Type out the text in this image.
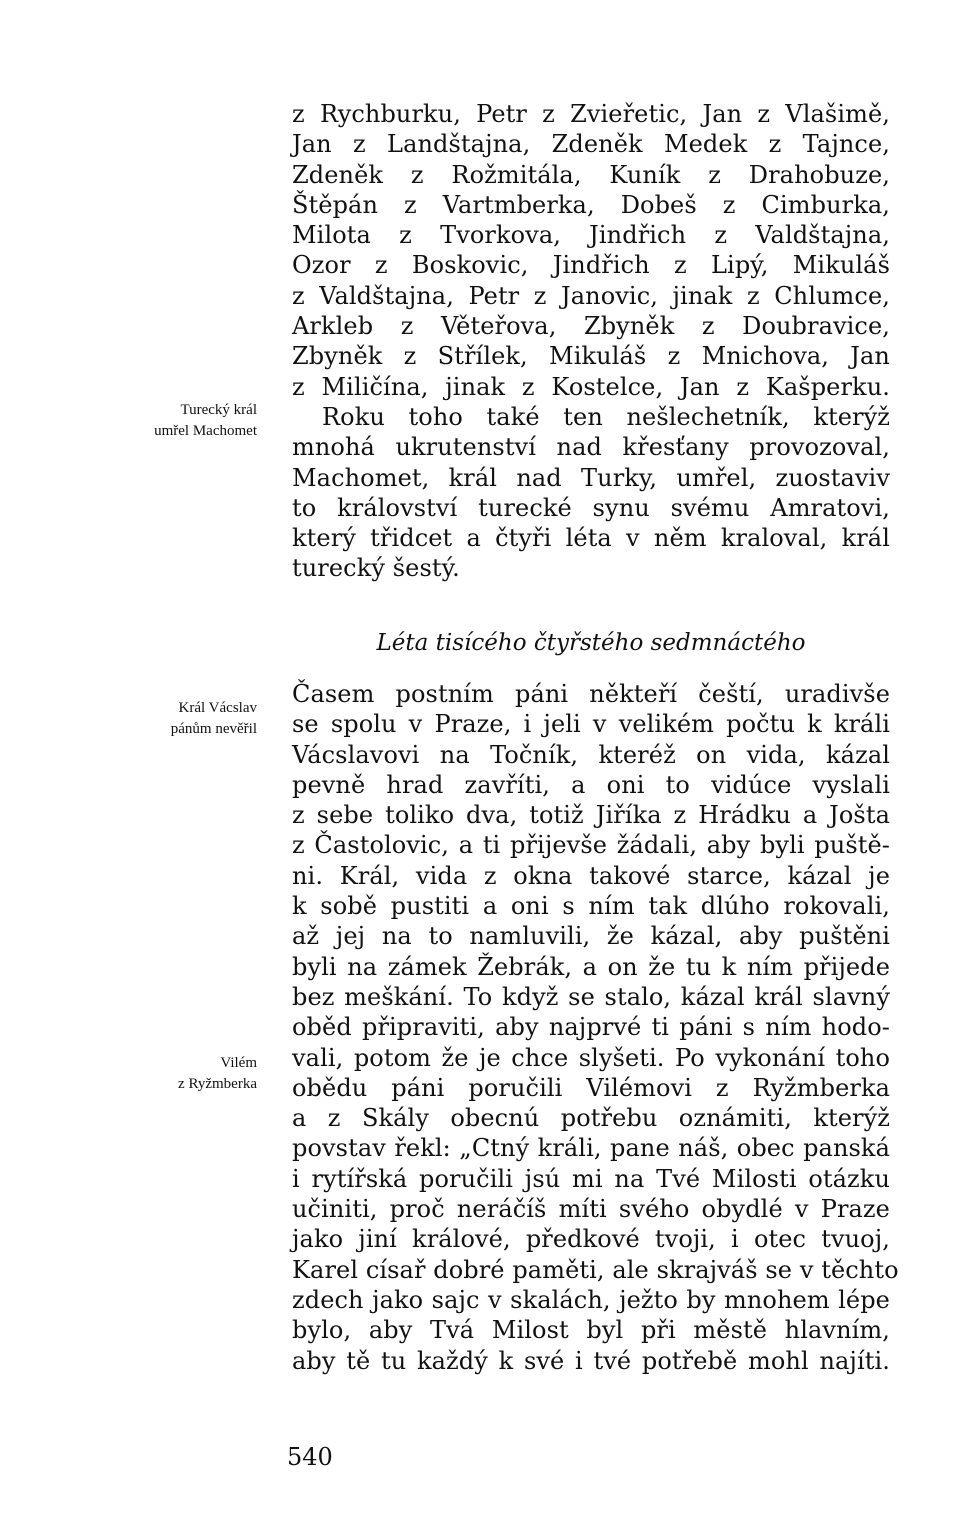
Turecký král
umřel Machomet
Král Vácslav
pánům nevěřil
Vilém
z Ryžmberka
z Rychburku, Petr z Zvieřetic, Jan z Vlašimě,
Jan z Landštajna, Zdeněk Medek z Tajnce,
Zdeněk z Rožmitála, Kuník z Drahobuze,
Štěpán z Vartmberka, Dobeš z Cimburka,
Milota z Tvorkova, Jindřich z Valdštajna,
Ozor z Boskovic, Jindřich z Lipý, Mikuláš
z Valdštajna, Petr z Janovic, jinak z Chlumce,
Arkleb z Věteřova, Zbyněk z Doubravice,
Zbyněk z Střílek, Mikuláš z Mnichova, Jan
z Miličína, jinak z Kostelce, Jan z Kašperku.
Roku toho také ten nešlechetník, kterýž
mnohá ukrutenství nad křesťany provozoval,
Machomet, král nad Turky, umřel, zuostaviv
to království turecké synu svému Amratovi,
který třidcet a čtyři léta v něm kraloval, král
turecký šestý.
Léta tisícého čtyřstého sedmnáctého
Časem postním páni někteří čeští, uradivše
se spolu v Praze, i jeli v velikém počtu k králi
Vácslavovi na Točník, kteréž on vida, kázal
pevně hrad zavříti, a oni to vidúce vyslali
z sebe toliko dva, totiž Jiříka z Hrádku a Jošta
z Častolovic, a ti přijevše žádali, aby byli puště-
ni. Král, vida z okna takové starce, kázal je
k sobě pustiti a oni s ním tak dlúho rokovali,
až jej na to namluvili, že kázal, aby puštěni
byli na zámek Žebrák, a on že tu k ním přijede
bez meškání. To když se stalo, kázal král slavný
oběd připraviti, aby najprvé ti páni s ním hodo-
vali, potom že je chce slyšeti. Po vykonání toho
obědu páni poručili Vilémovi z Ryžmberka
a z Skály obecnú potřebu oznámiti, kterýž
povstav řekl: „Ctný králi, pane náš, obec panská
i rytířská poručili jsú mi na Tvé Milosti otázku
učiniti, proč neráčíš míti svého obydlé v Praze
jako jiní králové, předkové tvoji, i otec tvuoj,
Karel císař dobré paměti, ale skrajváš se v těchto
zdech jako sajc v skalách, ježto by mnohem lépe
bylo, aby Tvá Milost byl při městě hlavním,
aby tě tu každý k své i tvé potřebě mohl najíti.
540
